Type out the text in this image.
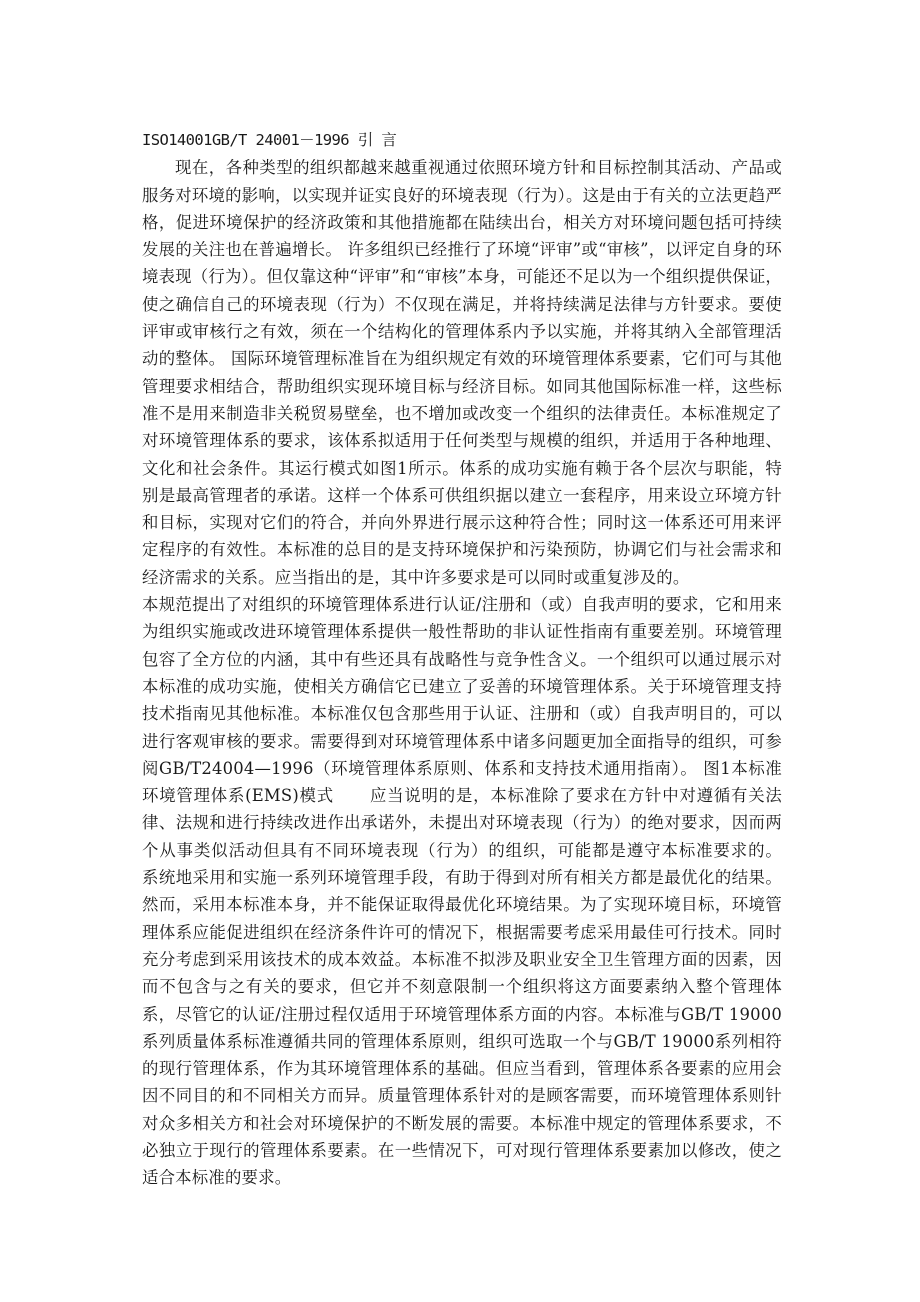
ISO14001GB/T 24001－1996 引 言

现在，各种类型的组织都越来越重视通过依照环境方针和目标控制其活动、产品或服务对环境的影响，以实现并证实良好的环境表现（行为）。这是由于有关的立法更趋严格，促进环境保护的经济政策和其他措施都在陆续出台，相关方对环境问题包括可持续发展的关注也在普遍增长。 许多组织已经推行了环境“评审”或“审核”，以评定自身的环境表现（行为）。但仅靠这种“评审”和“审核”本身，可能还不足以为一个组织提供保证，使之确信自己的环境表现（行为）不仅现在满足，并将持续满足法律与方针要求。要使评审或审核行之有效，须在一个结构化的管理体系内予以实施，并将其纳入全部管理活动的整体。 国际环境管理标准旨在为组织规定有效的环境管理体系要素，它们可与其他管理要求相结合，帮助组织实现环境目标与经济目标。如同其他国际标准一样，这些标准不是用来制造非关税贸易壁垒，也不增加或改变一个组织的法律责任。本标准规定了对环境管理体系的要求，该体系拟适用于任何类型与规模的组织，并适用于各种地理、文化和社会条件。其运行模式如图1所示。体系的成功实施有赖于各个层次与职能，特别是最高管理者的承诺。这样一个体系可供组织据以建立一套程序，用来设立环境方针和目标，实现对它们的符合，并向外界进行展示这种符合性；同时这一体系还可用来评定程序的有效性。本标准的总目的是支持环境保护和污染预防，协调它们与社会需求和经济需求的关系。应当指出的是，其中许多要求是可以同时或重复涉及的。

本规范提出了对组织的环境管理体系进行认证/注册和（或）自我声明的要求，它和用来为组织实施或改进环境管理体系提供一般性帮助的非认证性指南有重要差别。环境管理包容了全方位的内涵，其中有些还具有战略性与竞争性含义。一个组织可以通过展示对本标准的成功实施，使相关方确信它已建立了妥善的环境管理体系。关于环境管理支持技术指南见其他标准。本标准仅包含那些用于认证、注册和（或）自我声明目的，可以进行客观审核的要求。需要得到对环境管理体系中诸多问题更加全面指导的组织，可参阅GB/T24004—1996（环境管理体系原则、体系和支持技术通用指南）。 图1本标准环境管理体系(EMS)模式      应当说明的是，本标准除了要求在方针中对遵循有关法律、法规和进行持续改进作出承诺外，未提出对环境表现（行为）的绝对要求，因而两个从事类似活动但具有不同环境表现（行为）的组织，可能都是遵守本标准要求的。      系统地采用和实施一系列环境管理手段，有助于得到对所有相关方都是最优化的结果。然而，采用本标准本身，并不能保证取得最优化环境结果。为了实现环境目标，环境管理体系应能促进组织在经济条件许可的情况下，根据需要考虑采用最佳可行技术。同时充分考虑到采用该技术的成本效益。本标准不拟涉及职业安全卫生管理方面的因素，因而不包含与之有关的要求，但它并不刻意限制一个组织将这方面要素纳入整个管理体系，尽管它的认证/注册过程仅适用于环境管理体系方面的内容。本标准与GB/T 19000系列质量体系标准遵循共同的管理体系原则，组织可选取一个与GB/T 19000系列相符的现行管理体系，作为其环境管理体系的基础。但应当看到，管理体系各要素的应用会因不同目的和不同相关方而异。质量管理体系针对的是顾客需要，而环境管理体系则针对众多相关方和社会对环境保护的不断发展的需要。本标准中规定的管理体系要求，不必独立于现行的管理体系要素。在一些情况下，可对现行管理体系要素加以修改，使之适合本标准的要求。
